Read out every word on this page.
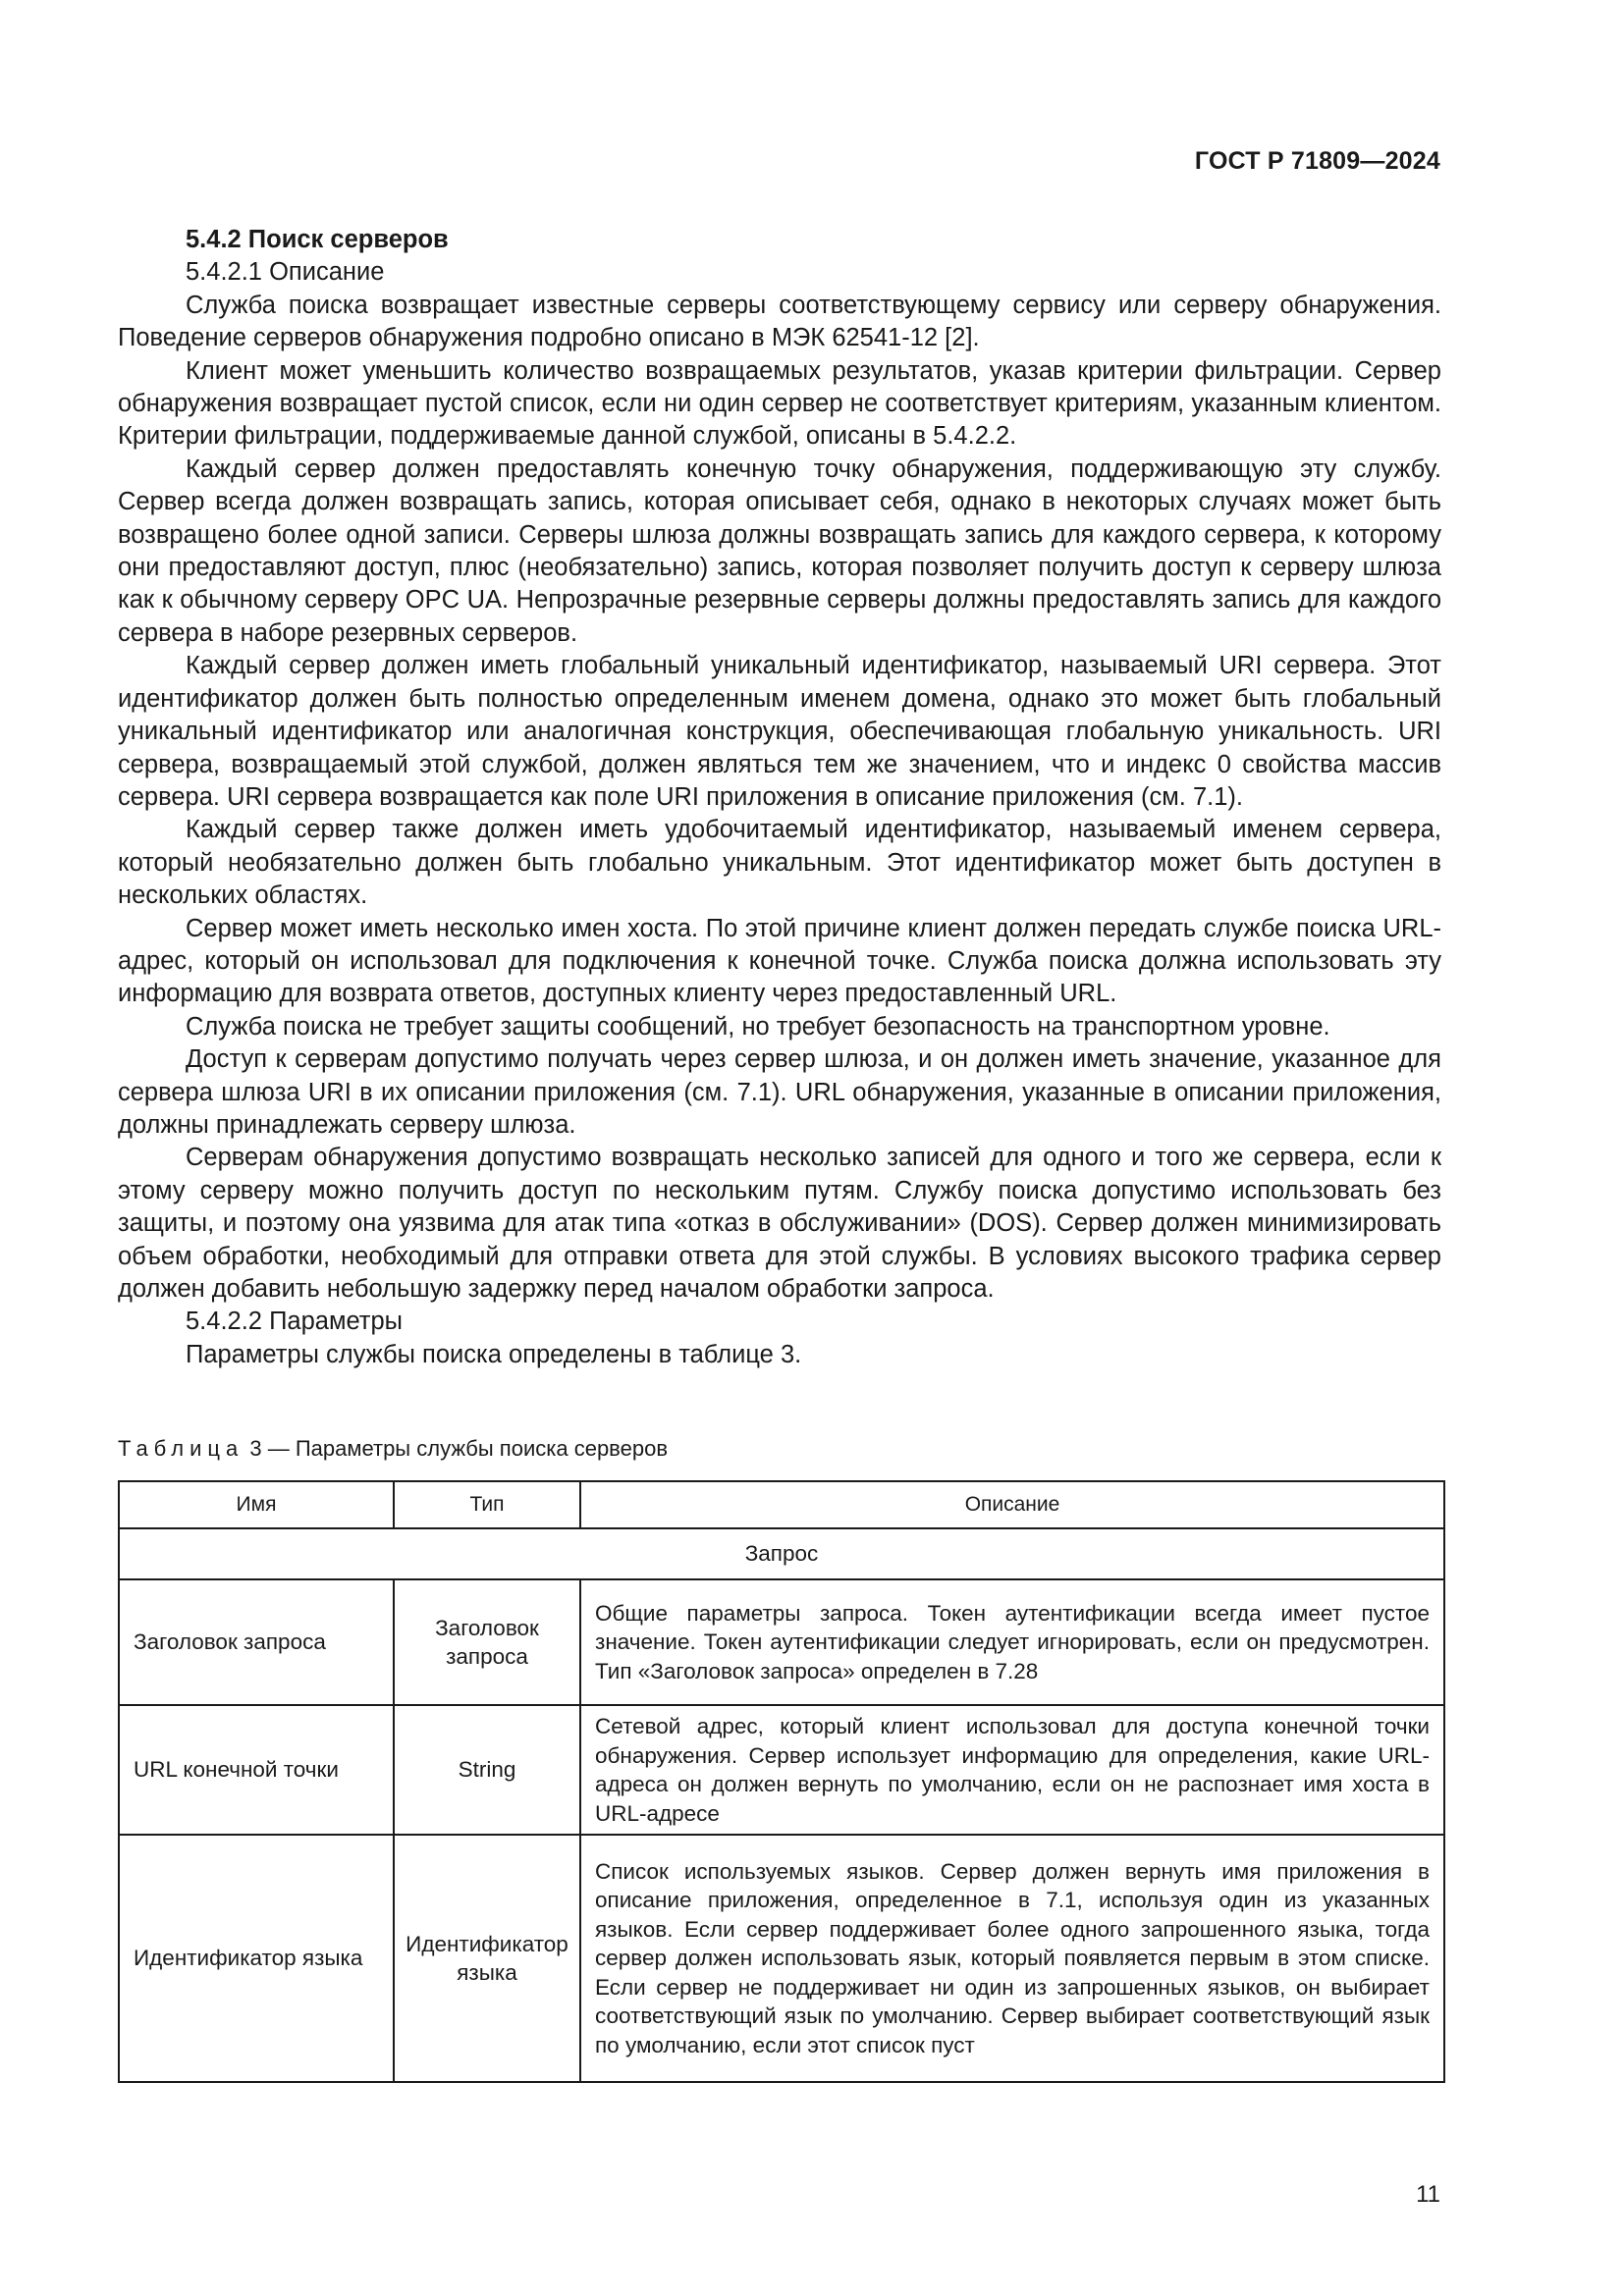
ГОСТ Р 71809—2024

5.4.2 Поиск серверов

5.4.2.1 Описание

Служба поиска возвращает известные серверы соответствующему сервису или серверу обнаружения. Поведение серверов обнаружения подробно описано в МЭК 62541-12 [2].

Клиент может уменьшить количество возвращаемых результатов, указав критерии фильтрации. Сервер обнаружения возвращает пустой список, если ни один сервер не соответствует критериям, указанным клиентом. Критерии фильтрации, поддерживаемые данной службой, описаны в 5.4.2.2.

Каждый сервер должен предоставлять конечную точку обнаружения, поддерживающую эту службу. Сервер всегда должен возвращать запись, которая описывает себя, однако в некоторых случаях может быть возвращено более одной записи. Серверы шлюза должны возвращать запись для каждого сервера, к которому они предоставляют доступ, плюс (необязательно) запись, которая позволяет получить доступ к серверу шлюза как к обычному серверу OPC UA. Непрозрачные резервные серверы должны предоставлять запись для каждого сервера в наборе резервных серверов.

Каждый сервер должен иметь глобальный уникальный идентификатор, называемый URI сервера. Этот идентификатор должен быть полностью определенным именем домена, однако это может быть глобальный уникальный идентификатор или аналогичная конструкция, обеспечивающая глобальную уникальность. URI сервера, возвращаемый этой службой, должен являться тем же значением, что и индекс 0 свойства массив сервера. URI сервера возвращается как поле URI приложения в описание приложения (см. 7.1).

Каждый сервер также должен иметь удобочитаемый идентификатор, называемый именем сервера, который необязательно должен быть глобально уникальным. Этот идентификатор может быть доступен в нескольких областях.

Сервер может иметь несколько имен хоста. По этой причине клиент должен передать службе поиска URL-адрес, который он использовал для подключения к конечной точке. Служба поиска должна использовать эту информацию для возврата ответов, доступных клиенту через предоставленный URL.

Служба поиска не требует защиты сообщений, но требует безопасность на транспортном уровне.

Доступ к серверам допустимо получать через сервер шлюза, и он должен иметь значение, указанное для сервера шлюза URI в их описании приложения (см. 7.1). URL обнаружения, указанные в описании приложения, должны принадлежать серверу шлюза.

Серверам обнаружения допустимо возвращать несколько записей для одного и того же сервера, если к этому серверу можно получить доступ по нескольким путям. Службу поиска допустимо использовать без защиты, и поэтому она уязвима для атак типа «отказ в обслуживании» (DOS). Сервер должен минимизировать объем обработки, необходимый для отправки ответа для этой службы. В условиях высокого трафика сервер должен добавить небольшую задержку перед началом обработки запроса.

5.4.2.2 Параметры

Параметры службы поиска определены в таблице 3.

Таблица 3 — Параметры службы поиска серверов
Имя	Тип	Описание
Запрос		
Заголовок запроса	Заголовок запроса	Общие параметры запроса. Токен аутентификации всегда имеет пустое значение. Токен аутентификации следует игнорировать, если он предусмотрен. Тип «Заголовок запроса» определен в 7.28
URL конечной точки	String	Сетевой адрес, который клиент использовал для доступа конечной точки обнаружения. Сервер использует информацию для определения, какие URL-адреса он должен вернуть по умолчанию, если он не распознает имя хоста в URL-адресе
Идентификатор языка	Идентификатор языка	Список используемых языков. Сервер должен вернуть имя приложения в описание приложения, определенное в 7.1, используя один из указанных языков. Если сервер поддерживает более одного запрошенного языка, тогда сервер должен использовать язык, который появляется первым в этом списке. Если сервер не поддерживает ни один из запрошенных языков, он выбирает соответствующий язык по умолчанию. Сервер выбирает соответствующий язык по умолчанию, если этот список пуст
11
